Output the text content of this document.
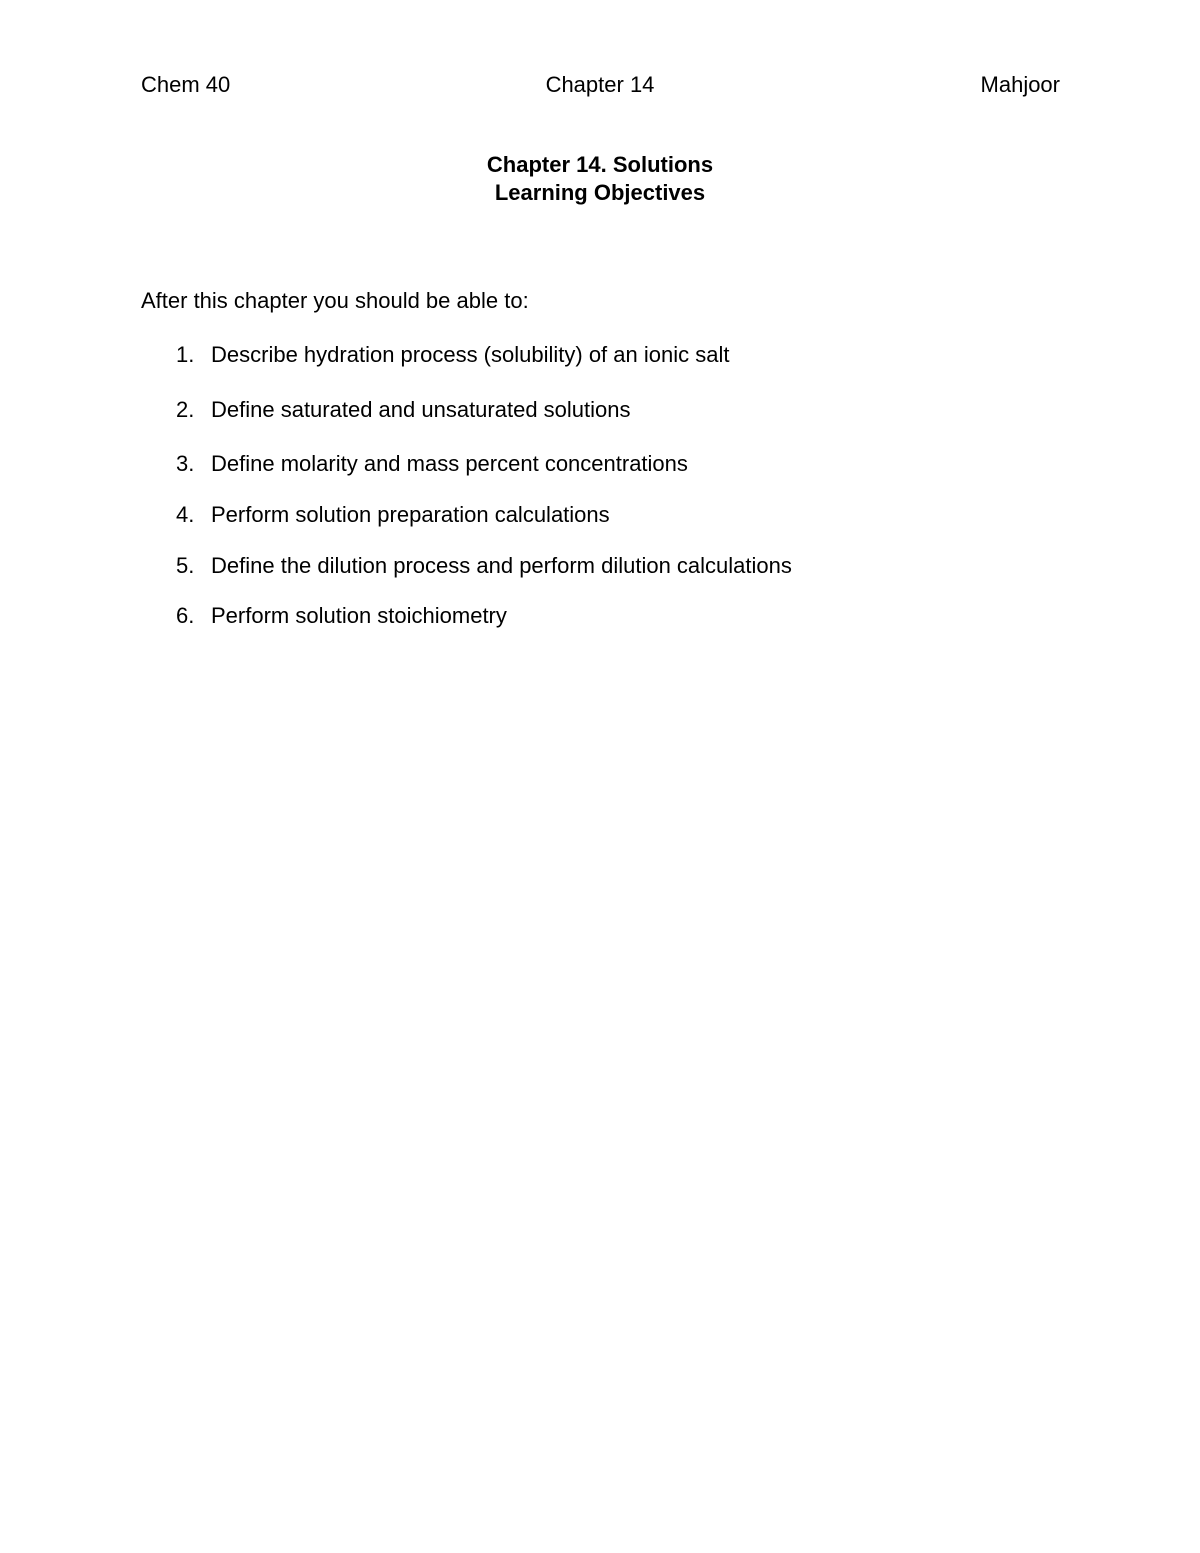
Chem 40	Chapter 14	Mahjoor
Chapter 14. Solutions
Learning Objectives
After this chapter you should be able to:
1. Describe hydration process (solubility) of an ionic salt
2. Define saturated and unsaturated solutions
3. Define molarity and mass percent concentrations
4. Perform solution preparation calculations
5. Define the dilution process and perform dilution calculations
6. Perform solution stoichiometry
